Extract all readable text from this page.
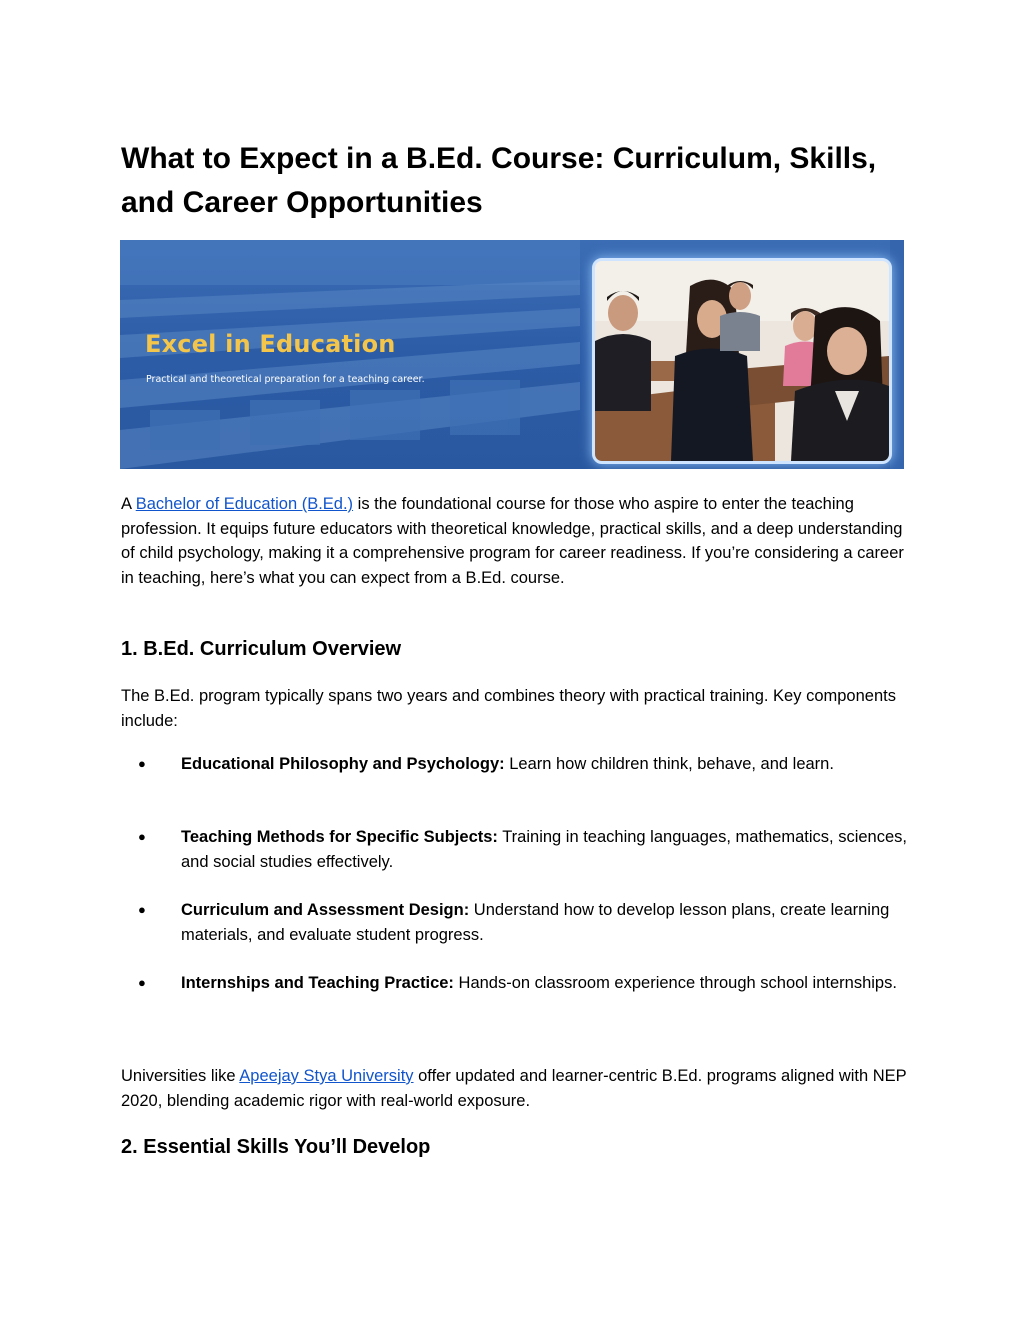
What to Expect in a B.Ed. Course: Curriculum, Skills, and Career Opportunities

Excel in Education

Practical and theoretical preparation for a teaching career.

A Bachelor of Education (B.Ed.) is the foundational course for those who aspire to enter the teaching profession. It equips future educators with theoretical knowledge, practical skills, and a deep understanding of child psychology, making it a comprehensive program for career readiness. If you’re considering a career in teaching, here’s what you can expect from a B.Ed. course.

1. B.Ed. Curriculum Overview

The B.Ed. program typically spans two years and combines theory with practical training. Key components include:

● Educational Philosophy and Psychology: Learn how children think, behave, and learn.

● Teaching Methods for Specific Subjects: Training in teaching languages, mathematics, sciences, and social studies effectively.

● Curriculum and Assessment Design: Understand how to develop lesson plans, create learning materials, and evaluate student progress.

● Internships and Teaching Practice: Hands-on classroom experience through school internships.

Universities like Apeejay Stya University offer updated and learner-centric B.Ed. programs aligned with NEP 2020, blending academic rigor with real-world exposure.

2. Essential Skills You’ll Develop
